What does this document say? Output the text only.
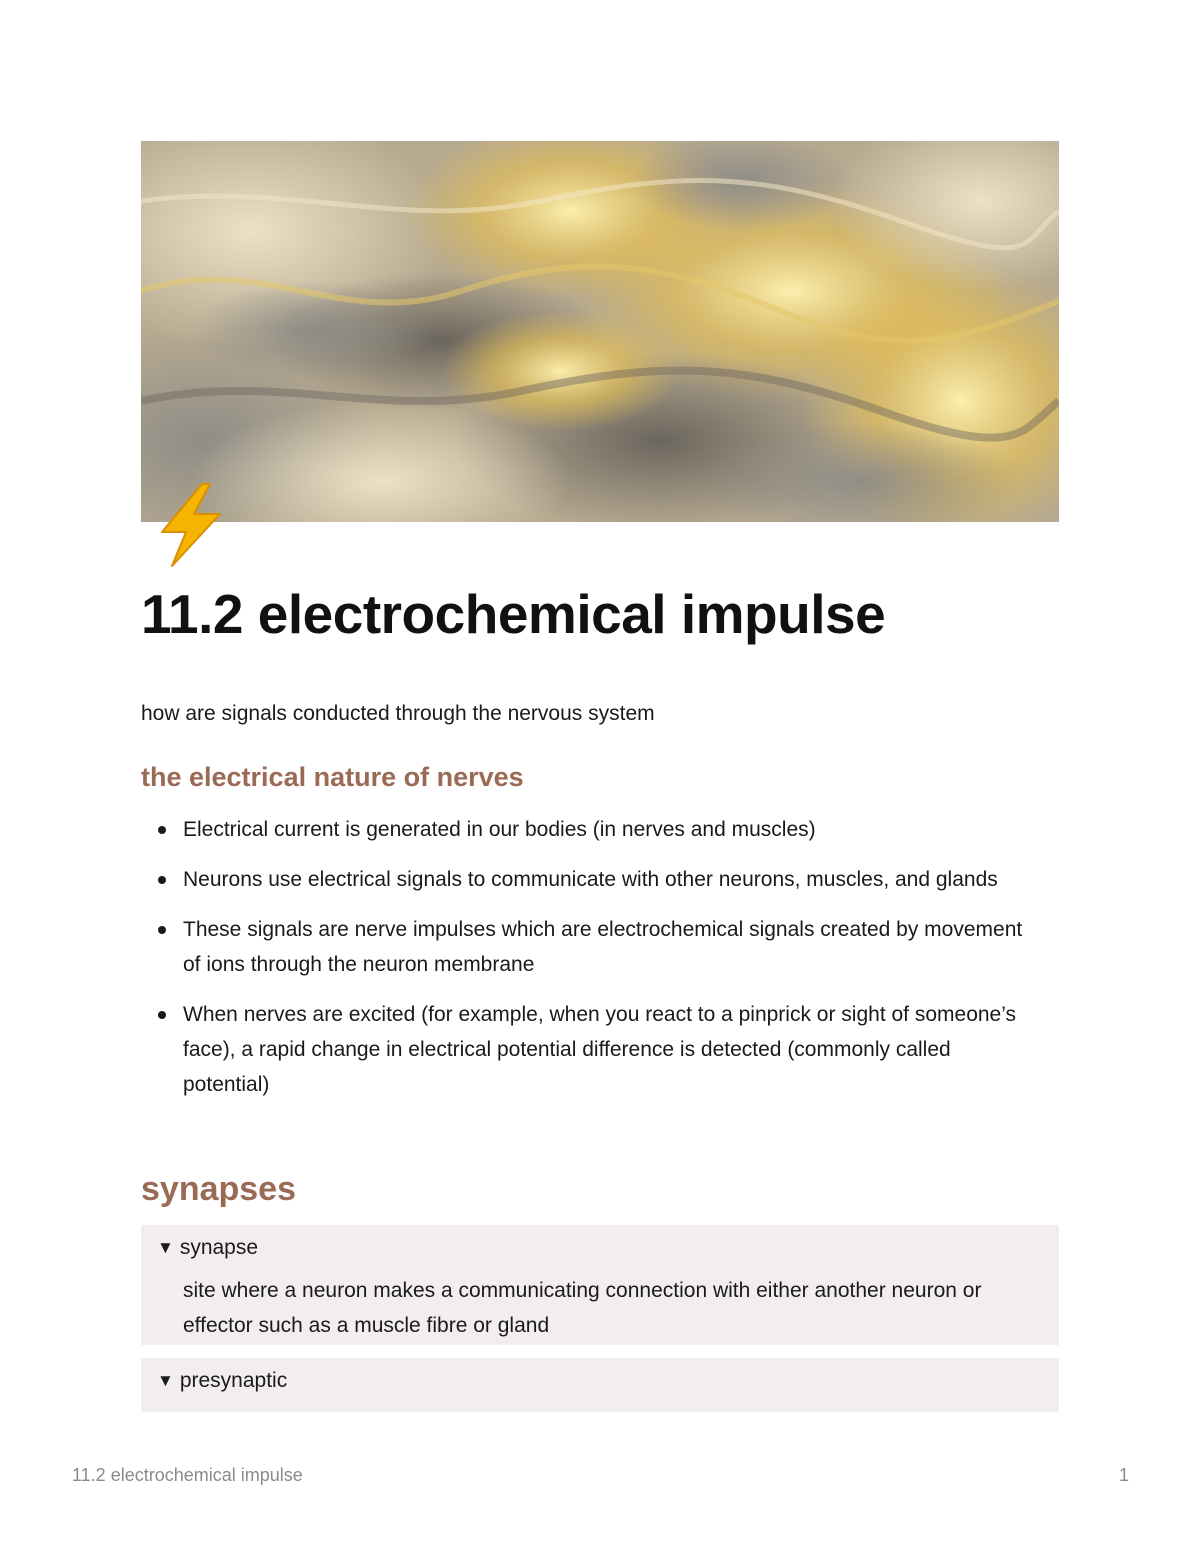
11.2 electrochemical impulse

how are signals conducted through the nervous system

the electrical nature of nerves
Electrical current is generated in our bodies (in nerves and muscles)
Neurons use electrical signals to communicate with other neurons, muscles, and glands
These signals are nerve impulses which are electrochemical signals created by movement of ions through the neuron membrane
When nerves are excited (for example, when you react to a pinprick or sight of someone’s face), a rapid change in electrical potential difference is detected (commonly called potential)
synapses
▼ synapse
site where a neuron makes a communicating connection with either another neuron or effector such as a muscle fibre or gland
▼ presynaptic
11.2 electrochemical impulse	1
